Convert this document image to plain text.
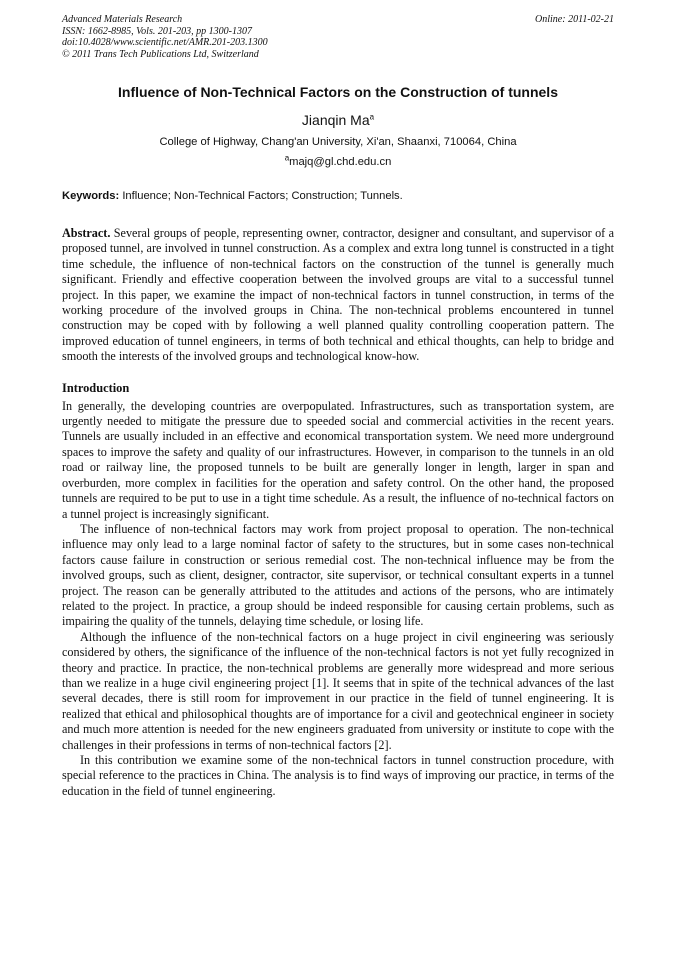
Advanced Materials Research
ISSN: 1662-8985, Vols. 201-203, pp 1300-1307
doi:10.4028/www.scientific.net/AMR.201-203.1300
© 2011 Trans Tech Publications Ltd, Switzerland
Online: 2011-02-21
Influence of Non-Technical Factors on the Construction of tunnels
Jianqin Ma$^a$
College of Highway, Chang'an University, Xi'an, Shaanxi, 710064, China
$^a$majq@gl.chd.edu.cn
Keywords: Influence; Non-Technical Factors; Construction; Tunnels.
Abstract. Several groups of people, representing owner, contractor, designer and consultant, and supervisor of a proposed tunnel, are involved in tunnel construction. As a complex and extra long tunnel is constructed in a tight time schedule, the influence of non-technical factors on the construction of the tunnel is generally much significant. Friendly and effective cooperation between the involved groups are vital to a successful tunnel project. In this paper, we examine the impact of non-technical factors in tunnel construction, in terms of the working procedure of the involved groups in China. The non-technical problems encountered in tunnel construction may be coped with by following a well planned quality controlling cooperation pattern. The improved education of tunnel engineers, in terms of both technical and ethical thoughts, can help to bridge and smooth the interests of the involved groups and technological know-how.
Introduction

In generally, the developing countries are overpopulated. Infrastructures, such as transportation system, are urgently needed to mitigate the pressure due to speeded social and commercial activities in the recent years. Tunnels are usually included in an effective and economical transportation system. We need more underground spaces to improve the safety and quality of our infrastructures. However, in comparison to the tunnels in an old road or railway line, the proposed tunnels to be built are generally longer in length, larger in span and overburden, more complex in facilities for the operation and safety control. On the other hand, the proposed tunnels are required to be put to use in a tight time schedule. As a result, the influence of no-technical factors on a tunnel project is increasingly significant.

The influence of non-technical factors may work from project proposal to operation. The non-technical influence may only lead to a large nominal factor of safety to the structures, but in some cases non-technical factors cause failure in construction or serious remedial cost. The non-technical influence may be from the involved groups, such as client, designer, contractor, site supervisor, or technical consultant experts in a tunnel project. The reason can be generally attributed to the attitudes and actions of the persons, who are intimately related to the project. In practice, a group should be indeed responsible for causing certain problems, such as impairing the quality of the tunnels, delaying time schedule, or losing life.

Although the influence of the non-technical factors on a huge project in civil engineering was seriously considered by others, the significance of the influence of the non-technical factors is not yet fully recognized in theory and practice. In practice, the non-technical problems are generally more widespread and more serious than we realize in a huge civil engineering project [1]. It seems that in spite of the technical advances of the last several decades, there is still room for improvement in our practice in the field of tunnel engineering. It is realized that ethical and philosophical thoughts are of importance for a civil and geotechnical engineer in society and much more attention is needed for the new engineers graduated from university or institute to cope with the challenges in their professions in terms of non-technical factors [2].

In this contribution we examine some of the non-technical factors in tunnel construction procedure, with special reference to the practices in China. The analysis is to find ways of improving our practice, in terms of the education in the field of tunnel engineering.
